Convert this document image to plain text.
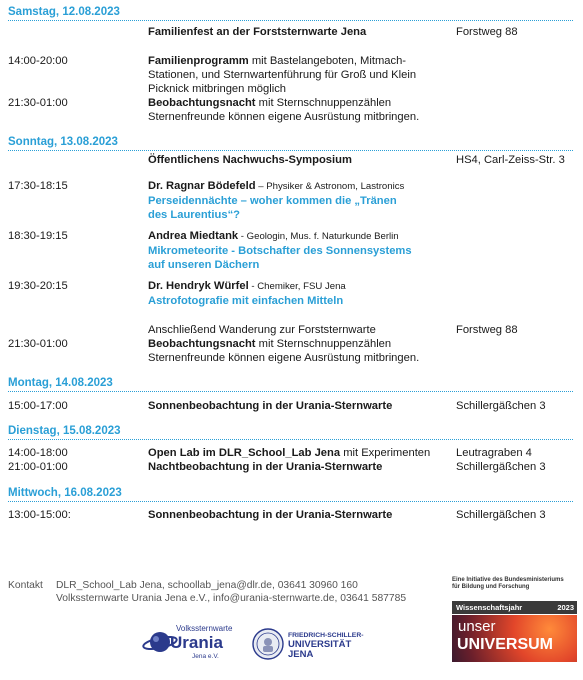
Samstag, 12.08.2023
Familienfest an der Forststernwarte Jena	Forstweg 88
14:00-20:00	Familienprogramm mit Bastelangeboten, Mitmach-
Stationen, und Sternwartenführung für Groß und Klein
Picknick mitbringen möglich
21:30-01:00	Beobachtungsnacht mit Sternschnuppenzählen
Sternenfreunde können eigene Ausrüstung mitbringen.
Sonntag, 13.08.2023
Öffentlichens Nachwuchs-Symposium	HS4, Carl-Zeiss-Str. 3
17:30-18:15	Dr. Ragnar Bödefeld – Physiker & Astronom, Lastronics
Perseidennächte – woher kommen die „Tränen
des Laurentius“?
18:30-19:15	Andrea Miedtank - Geologin, Mus. f. Naturkunde Berlin
Mikrometeorite - Botschafter des Sonnensystems
auf unseren Dächern
19:30-20:15	Dr. Hendryk Würfel - Chemiker, FSU Jena
Astrofotografie mit einfachen Mitteln
Anschließend Wanderung zur Forststernwarte	Forstweg 88
21:30-01:00	Beobachtungsnacht mit Sternschnuppenzählen
Sternenfreunde können eigene Ausrüstung mitbringen.
Montag, 14.08.2023
15:00-17:00	Sonnenbeobachtung in der Urania-Sternwarte	Schillergäßchen 3
Dienstag, 15.08.2023
14:00-18:00	Open Lab im DLR_School_Lab Jena mit Experimenten	Leutragraben 4
21:00-01:00	Nachtbeobachtung in der Urania-Sternwarte	Schillergäßchen 3
Mittwoch, 16.08.2023
13:00-15:00:	Sonnenbeobachtung in der Urania-Sternwarte	Schillergäßchen 3
Kontakt DLR_School_Lab Jena, schoollab_jena@dlr.de, 03641 30960 160
Volkssternwarte Urania Jena e.V., info@urania-sternwarte.de, 03641 587785
Volkssternwarte
Urania
Jena e.V.
FRIEDRICH-SCHILLER-
UNIVERSITÄT
JENA
Eine Initiative des Bundesministeriums
für Bildung und Forschung
Wissenschaftsjahr	2023
unser
UNIVERSUM
